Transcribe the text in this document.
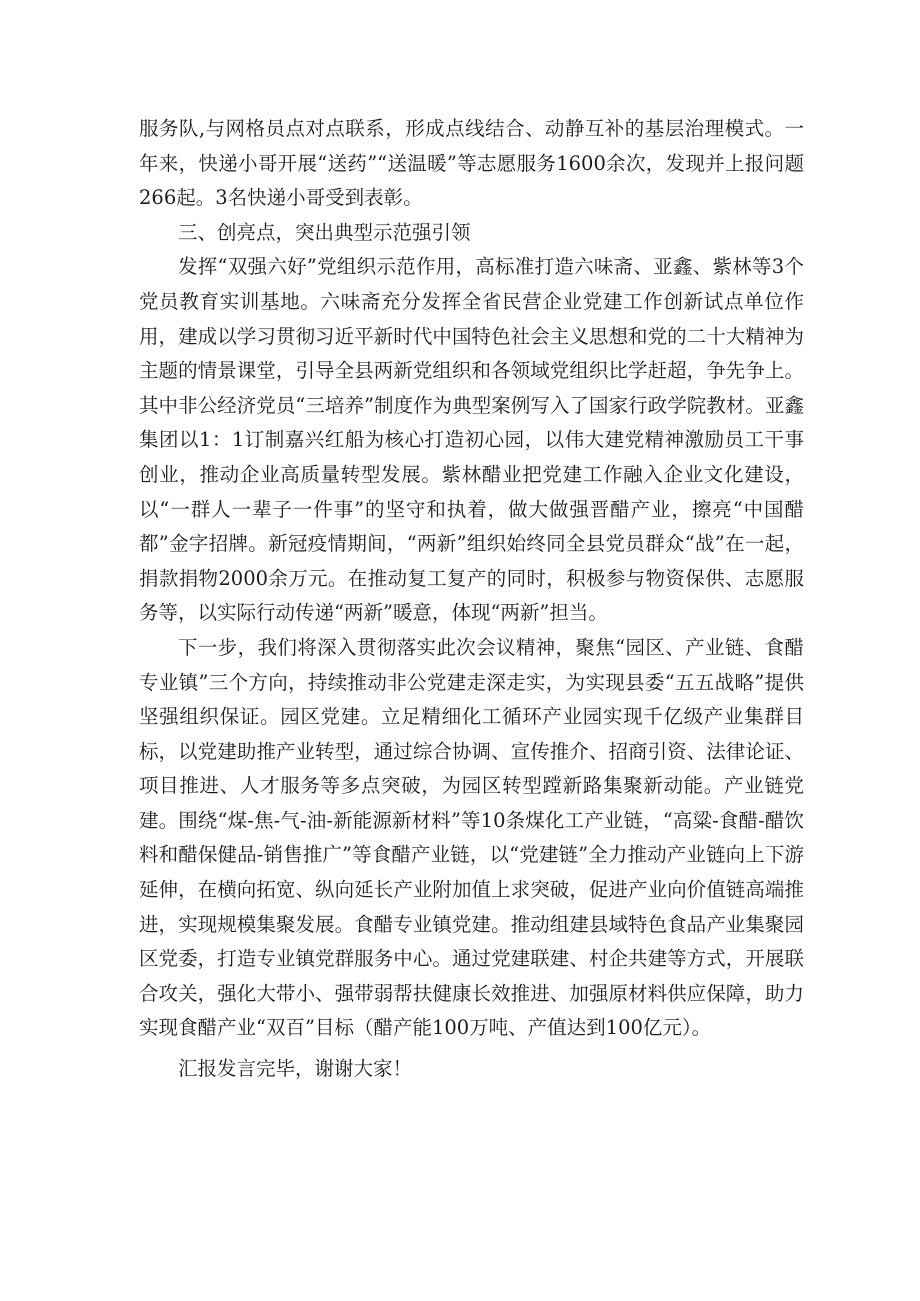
服务队,与网格员点对点联系，形成点线结合、动静互补的基层治理模式。一年来，快递小哥开展“送药”“送温暖”等志愿服务1600余次，发现并上报问题266起。3名快递小哥受到表彰。

三、创亮点，突出典型示范强引领

发挥“双强六好”党组织示范作用，高标准打造六味斋、亚鑫、紫林等3个党员教育实训基地。六味斋充分发挥全省民营企业党建工作创新试点单位作用，建成以学习贯彻习近平新时代中国特色社会主义思想和党的二十大精神为主题的情景课堂，引导全县两新党组织和各领域党组织比学赶超，争先争上。其中非公经济党员“三培养”制度作为典型案例写入了国家行政学院教材。亚鑫集团以1：1订制嘉兴红船为核心打造初心园，以伟大建党精神激励员工干事创业，推动企业高质量转型发展。紫林醋业把党建工作融入企业文化建设，以“一群人一辈子一件事”的坚守和执着，做大做强晋醋产业，擦亮“中国醋都”金字招牌。新冠疫情期间，“两新”组织始终同全县党员群众“战”在一起，捐款捐物2000余万元。在推动复工复产的同时，积极参与物资保供、志愿服务等，以实际行动传递“两新”暖意，体现“两新”担当。

下一步，我们将深入贯彻落实此次会议精神，聚焦“园区、产业链、食醋专业镇”三个方向，持续推动非公党建走深走实，为实现县委“五五战略”提供坚强组织保证。园区党建。立足精细化工循环产业园实现千亿级产业集群目标，以党建助推产业转型，通过综合协调、宣传推介、招商引资、法律论证、项目推进、人才服务等多点突破，为园区转型蹚新路集聚新动能。产业链党建。围绕“煤-焦-气-油-新能源新材料”等10条煤化工产业链，“高粱-食醋-醋饮料和醋保健品-销售推广”等食醋产业链，以“党建链”全力推动产业链向上下游延伸，在横向拓宽、纵向延长产业附加值上求突破，促进产业向价值链高端推进，实现规模集聚发展。食醋专业镇党建。推动组建县域特色食品产业集聚园区党委，打造专业镇党群服务中心。通过党建联建、村企共建等方式，开展联合攻关，强化大带小、强带弱帮扶健康长效推进、加强原材料供应保障，助力实现食醋产业“双百”目标（醋产能100万吨、产值达到100亿元）。

汇报发言完毕，谢谢大家！
